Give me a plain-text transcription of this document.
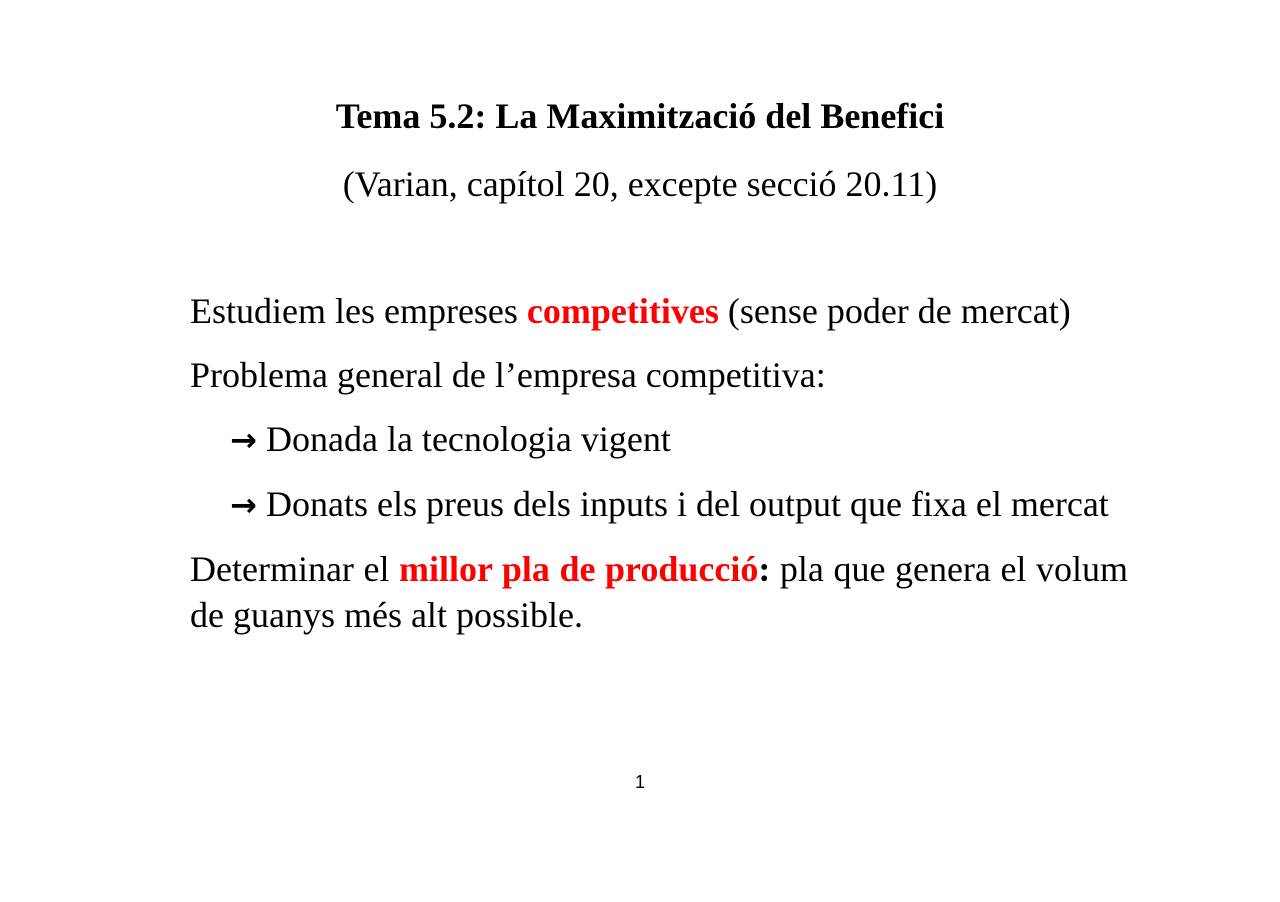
Tema 5.2: La Maximització del Benefici
(Varian, capítol 20, excepte secció 20.11)

Estudiem les empreses competitives (sense poder de mercat)

Problema general de l’empresa competitiva:

→ Donada la tecnologia vigent

→ Donats els preus dels inputs i del output que fixa el mercat

Determinar el millor pla de producció: pla que genera el volum de guanys més alt possible.

1
